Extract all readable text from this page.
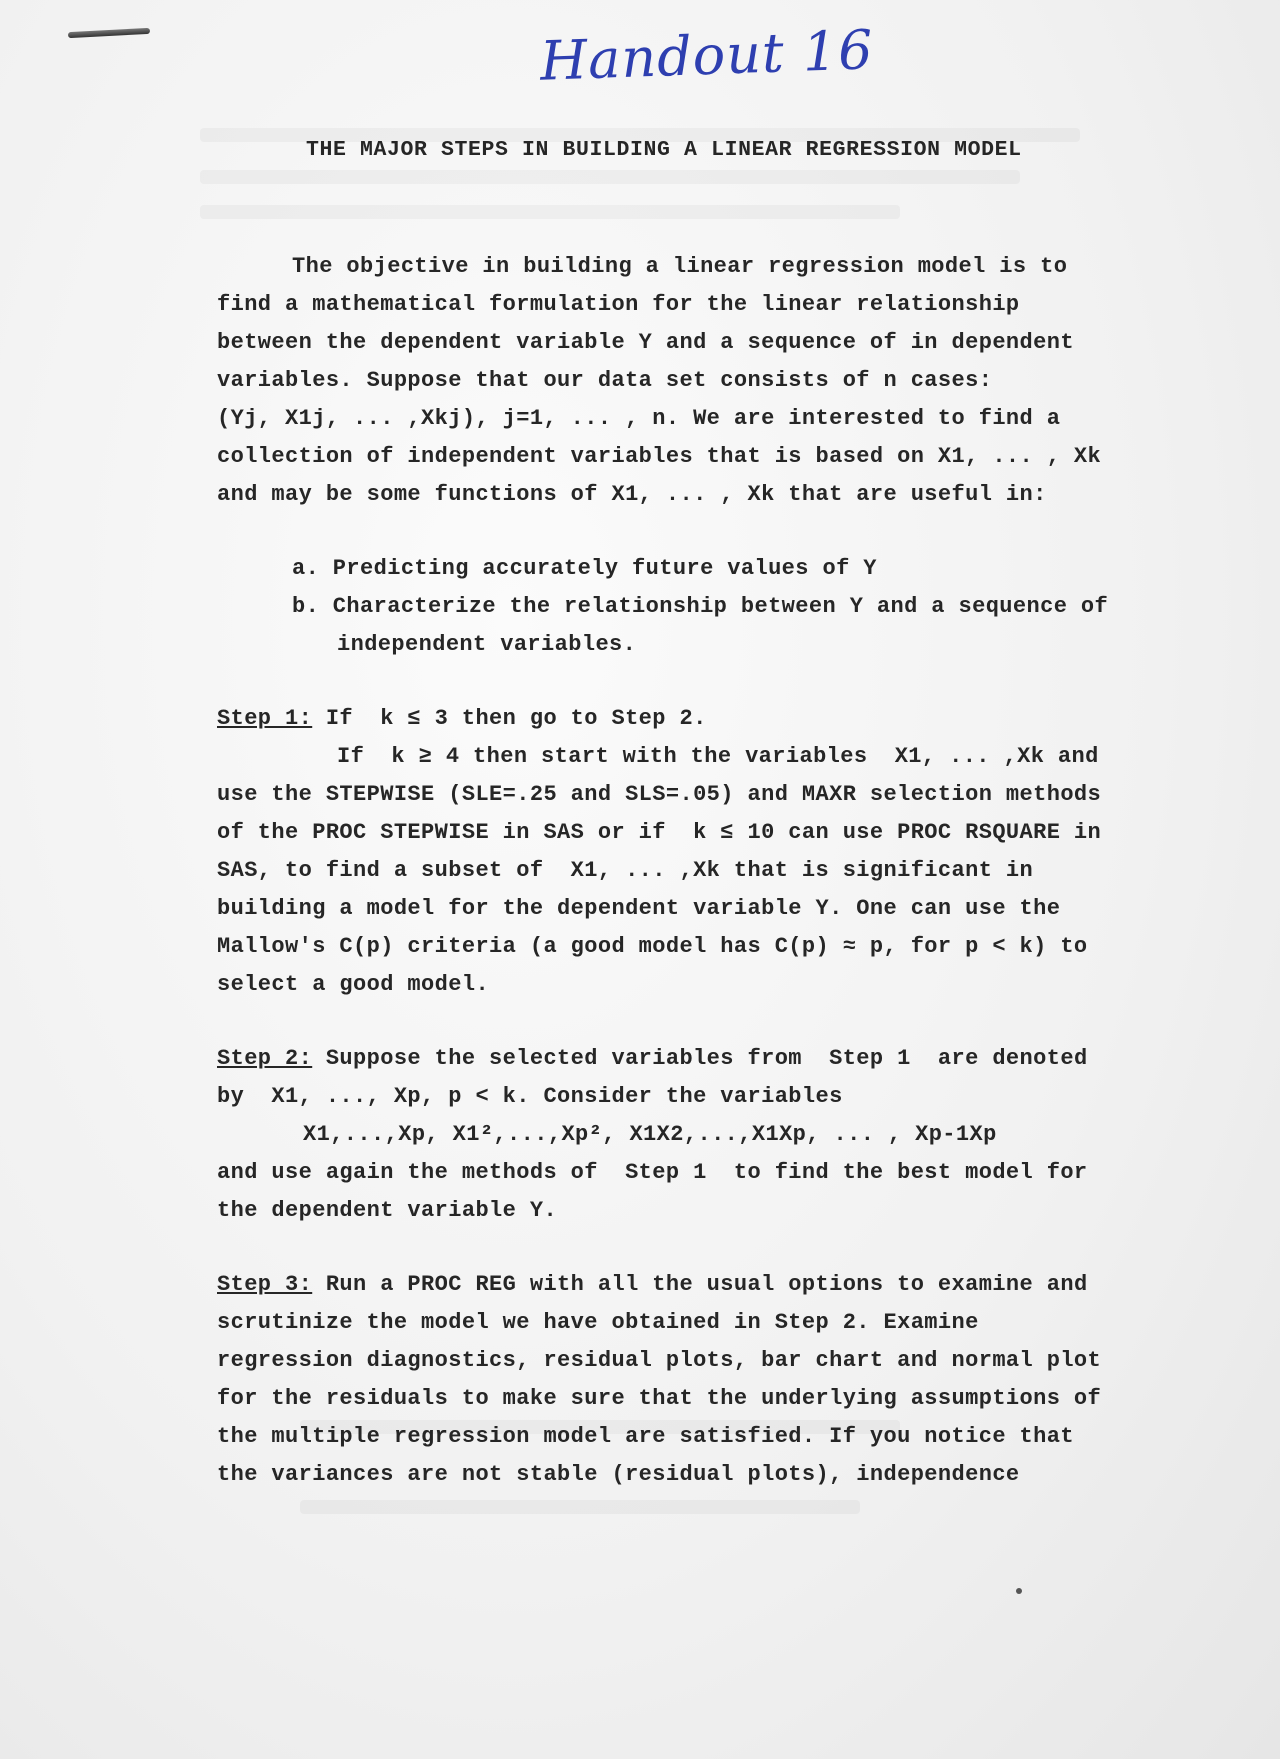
Handout 16
THE MAJOR STEPS IN BUILDING A LINEAR REGRESSION MODEL
The objective in building a linear regression model is to
find a mathematical formulation for the linear relationship
between the dependent variable Y and a sequence of in dependent
variables. Suppose that our data set consists of n cases:
(Yj, X1j, ... ,Xkj), j=1, ... , n. We are interested to find a
collection of independent variables that is based on X1, ... , Xk
and may be some functions of X1, ... , Xk that are useful in:
a. Predicting accurately future values of Y
b. Characterize the relationship between Y and a sequence of
independent variables.
Step 1: If  k ≤ 3 then go to Step 2.
If  k ≥ 4 then start with the variables  X1, ... ,Xk and
use the STEPWISE (SLE=.25 and SLS=.05) and MAXR selection methods
of the PROC STEPWISE in SAS or if  k ≤ 10 can use PROC RSQUARE in
SAS, to find a subset of  X1, ... ,Xk that is significant in
building a model for the dependent variable Y. One can use the
Mallow's C(p) criteria (a good model has C(p) ≈ p, for p < k) to
select a good model.
Step 2: Suppose the selected variables from  Step 1  are denoted
by  X1, ..., Xp, p < k. Consider the variables
X1,...,Xp, X1²,...,Xp², X1X2,...,X1Xp, ... , Xp-1Xp
and use again the methods of  Step 1  to find the best model for
the dependent variable Y.
Step 3: Run a PROC REG with all the usual options to examine and
scrutinize the model we have obtained in Step 2. Examine
regression diagnostics, residual plots, bar chart and normal plot
for the residuals to make sure that the underlying assumptions of
the multiple regression model are satisfied. If you notice that
the variances are not stable (residual plots), independence
